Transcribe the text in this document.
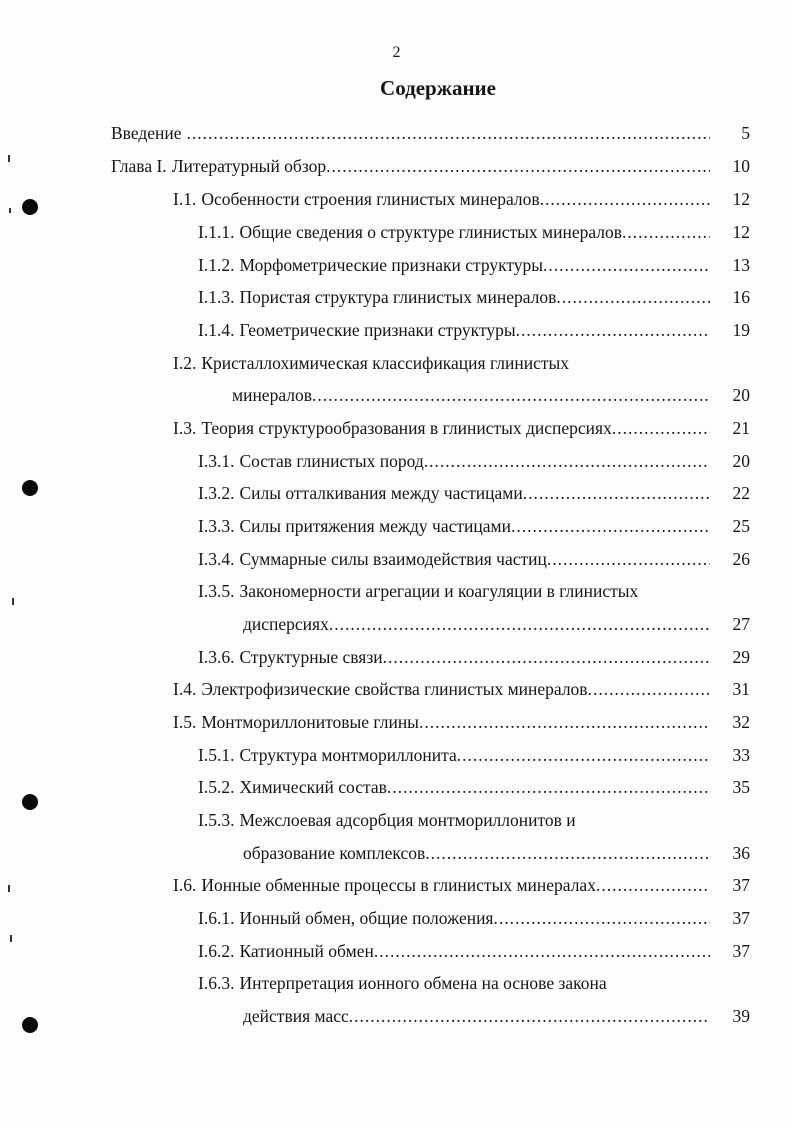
2
Содержание
Введение .....	5
Глава I. Литературный обзор .....	10
I.1. Особенности строения глинистых минералов .....	12
I.1.1. Общие сведения о структуре глинистых минералов .....	12
I.1.2. Морфометрические признаки структуры .....	13
I.1.3. Пористая структура глинистых минералов .....	16
I.1.4. Геометрические признаки структуры .....	19
I.2. Кристаллохимическая классификация глинистых
минералов .....	20
I.3. Теория структурообразования в глинистых дисперсиях .....	21
I.3.1. Состав глинистых пород .....	20
I.3.2. Силы отталкивания между частицами .....	22
I.3.3. Силы притяжения между частицами .....	25
I.3.4. Суммарные силы взаимодействия частиц .....	26
I.3.5. Закономерности агрегации и коагуляции в глинистых
дисперсиях .....	27
I.3.6. Структурные связи .....	29
I.4. Электрофизические свойства глинистых минералов .....	31
I.5. Монтмориллонитовые глины .....	32
I.5.1. Структура монтмориллонита .....	33
I.5.2. Химический состав .....	35
I.5.3. Межслоевая адсорбция монтмориллонитов и
образование комплексов .....	36
I.6. Ионные обменные процессы в глинистых минералах .....	37
I.6.1. Ионный обмен, общие положения .....	37
I.6.2. Катионный обмен .....	37
I.6.3. Интерпретация ионного обмена на основе закона
действия масс .....	39
